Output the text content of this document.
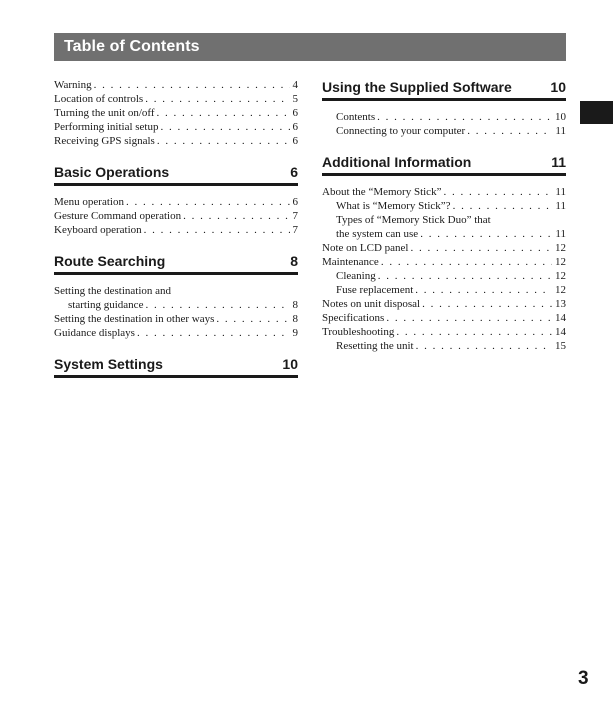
Table of Contents
Warning . . .	4
Location of controls . . .	5
Turning the unit on/off . . .	6
Performing initial setup . . .	6
Receiving GPS signals . . .	6
Basic Operations	6
Menu operation . . .	6
Gesture Command operation . . .	7
Keyboard operation . . .	7
Route Searching	8
Setting the destination and
starting guidance . . .	8
Setting the destination in other ways . . .	8
Guidance displays . . .	9
System Settings	10
Using the Supplied Software	10
Contents . . .	10
Connecting to your computer . . .	11
Additional Information	11
About the “Memory Stick” . . .	11
What is “Memory Stick”? . . .	11
Types of “Memory Stick Duo” that
the system can use . . .	11
Note on LCD panel . . .	12
Maintenance . . .	12
Cleaning . . .	12
Fuse replacement . . .	12
Notes on unit disposal . . .	13
Specifications . . .	14
Troubleshooting . . .	14
Resetting the unit . . .	15
3
